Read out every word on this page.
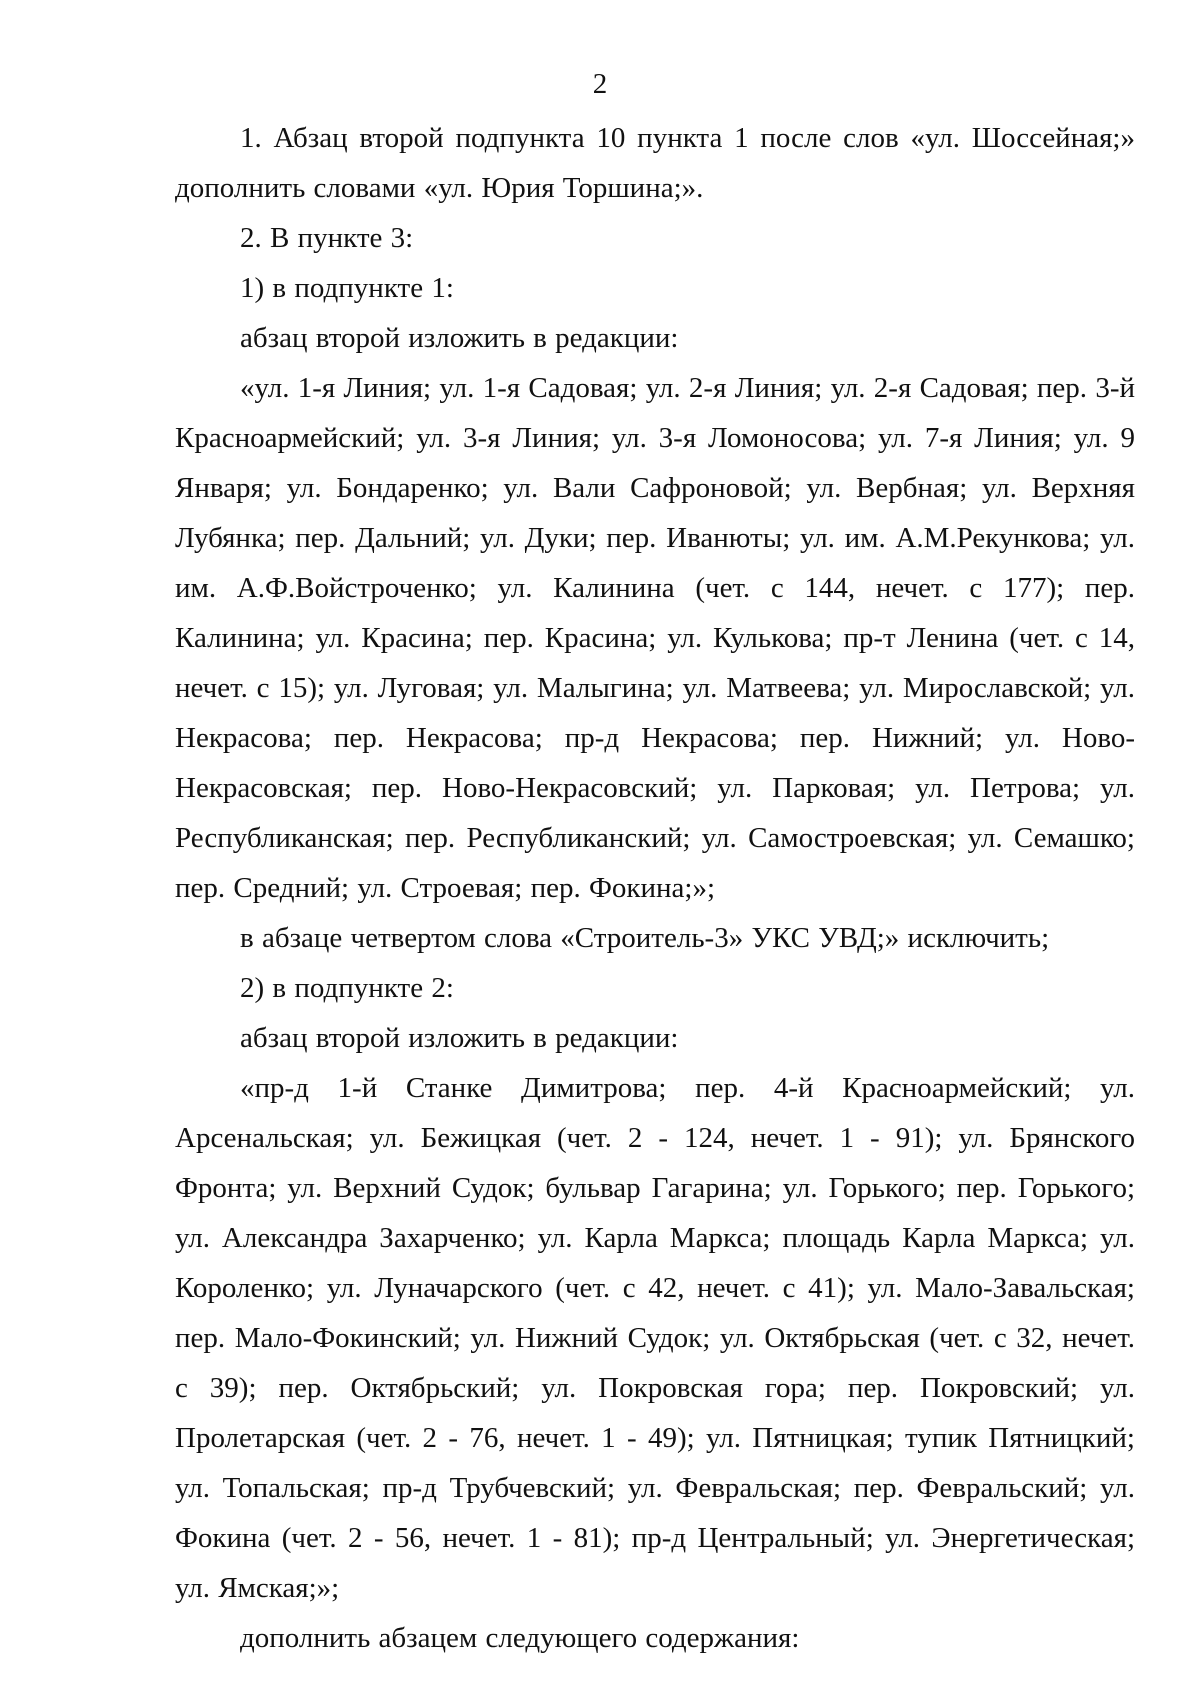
2

1. Абзац второй подпункта 10 пункта 1 после слов «ул. Шоссейная;» дополнить словами «ул. Юрия Торшина;».

2. В пункте 3:

1) в подпункте 1:

абзац второй изложить в редакции:

«ул. 1-я Линия; ул. 1-я Садовая; ул. 2-я Линия; ул. 2-я Садовая; пер. 3-й Красноармейский; ул. 3-я Линия; ул. 3-я Ломоносова; ул. 7-я Линия; ул. 9 Января; ул. Бондаренко; ул. Вали Сафроновой; ул. Вербная; ул. Верхняя Лубянка; пер. Дальний; ул. Дуки; пер. Иванюты; ул. им. А.М.Рекункова; ул. им. А.Ф.Войстроченко; ул. Калинина (чет. с 144, нечет. с 177); пер. Калинина; ул. Красина; пер. Красина; ул. Кулькова; пр-т Ленина (чет. с 14, нечет. с 15); ул. Луговая; ул. Малыгина; ул. Матвеева; ул. Мирославской; ул. Некрасова; пер. Некрасова; пр-д Некрасова; пер. Нижний; ул. Ново-Некрасовская; пер. Ново-Некрасовский; ул. Парковая; ул. Петрова; ул. Республиканская; пер. Республиканский; ул. Самостроевская; ул. Семашко; пер. Средний; ул. Строевая; пер. Фокина;»;

в абзаце четвертом слова «Строитель-3» УКС УВД;» исключить;

2) в подпункте 2:

абзац второй изложить в редакции:

«пр-д 1-й Станке Димитрова; пер. 4-й Красноармейский; ул. Арсенальская; ул. Бежицкая (чет. 2 - 124, нечет. 1 - 91); ул. Брянского Фронта; ул. Верхний Судок; бульвар Гагарина; ул. Горького; пер. Горького; ул. Александра Захарченко; ул. Карла Маркса; площадь Карла Маркса; ул. Короленко; ул. Луначарского (чет. с 42, нечет. с 41); ул. Мало-Завальская; пер. Мало-Фокинский; ул. Нижний Судок; ул. Октябрьская (чет. с 32, нечет. с 39); пер. Октябрьский; ул. Покровская гора; пер. Покровский; ул. Пролетарская (чет. 2 - 76, нечет. 1 - 49); ул. Пятницкая; тупик Пятницкий; ул. Топальская; пр-д Трубчевский; ул. Февральская; пер. Февральский; ул. Фокина (чет. 2 - 56, нечет. 1 - 81); пр-д Центральный; ул. Энергетическая; ул. Ямская;»;

дополнить абзацем следующего содержания:
